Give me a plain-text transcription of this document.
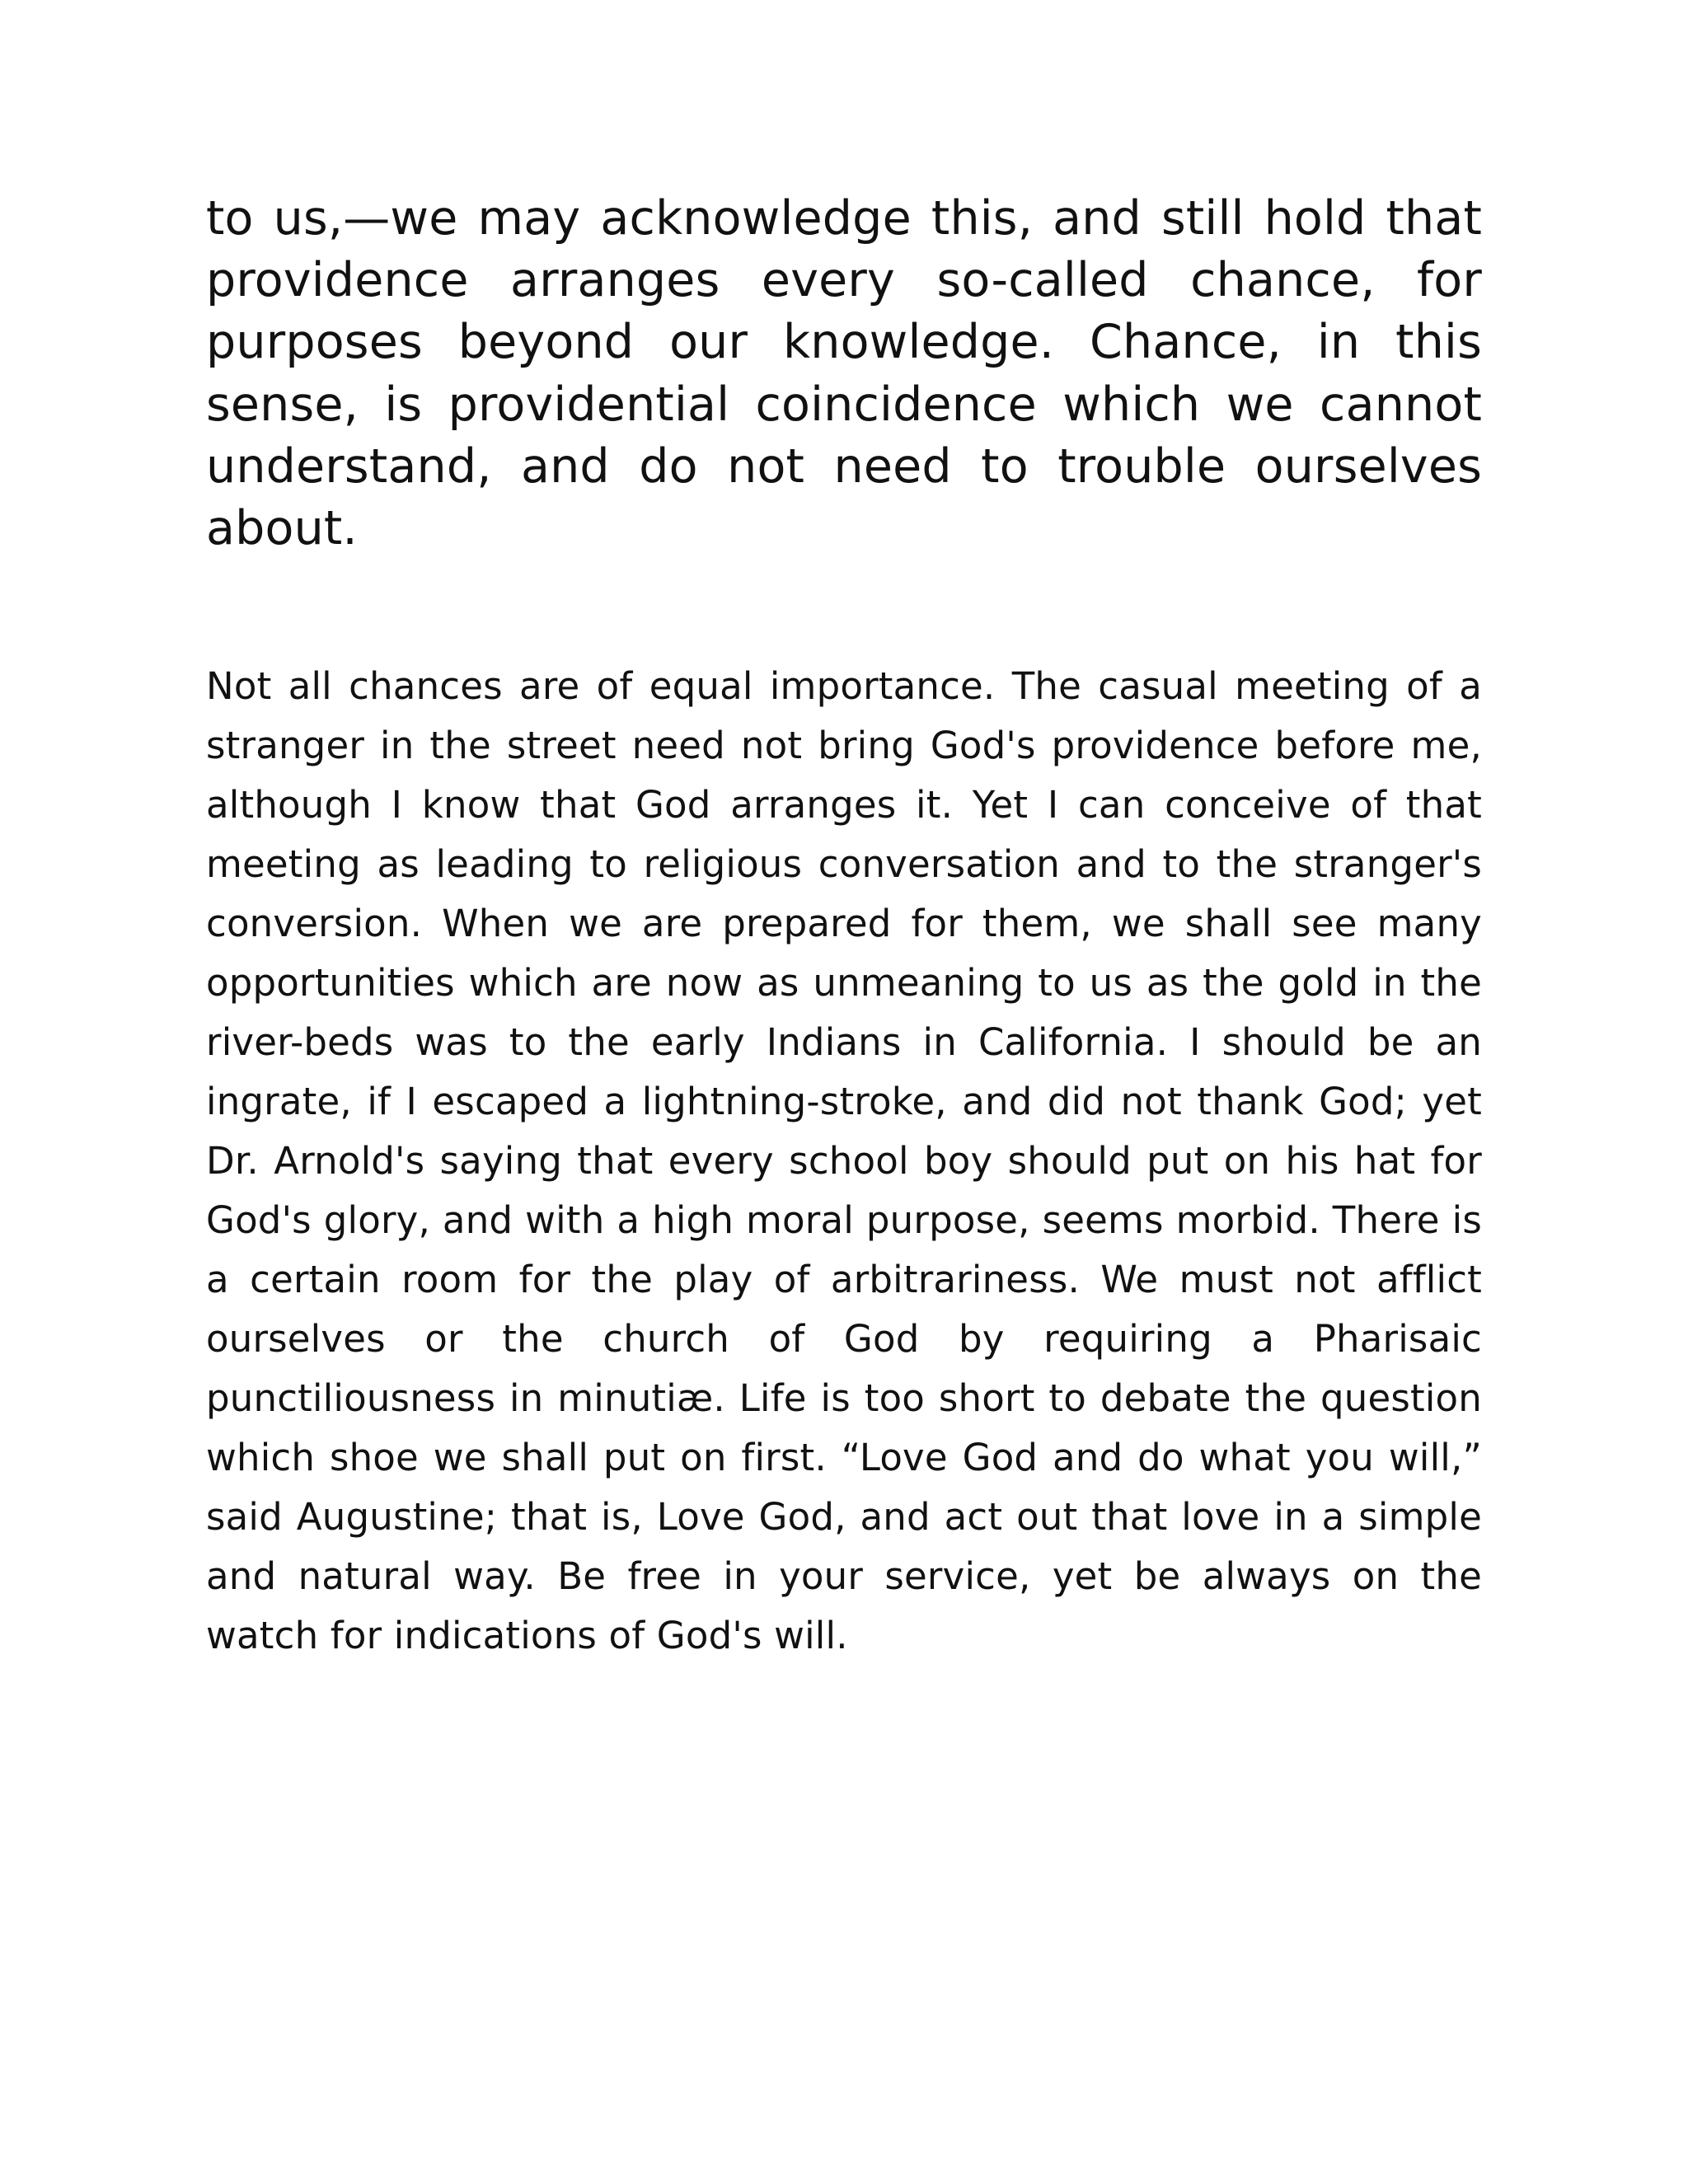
to us,—we may acknowledge this, and still hold that providence arranges every so-called chance, for purposes beyond our knowledge. Chance, in this sense, is providential coincidence which we cannot understand, and do not need to trouble ourselves about.

Not all chances are of equal importance. The casual meeting of a stranger in the street need not bring God's providence before me, although I know that God arranges it. Yet I can conceive of that meeting as leading to religious conversation and to the stranger's conversion. When we are prepared for them, we shall see many opportunities which are now as unmeaning to us as the gold in the river-beds was to the early Indians in California. I should be an ingrate, if I escaped a lightning-stroke, and did not thank God; yet Dr. Arnold's saying that every school boy should put on his hat for God's glory, and with a high moral purpose, seems morbid. There is a certain room for the play of arbitrariness. We must not afflict ourselves or the church of God by requiring a Pharisaic punctiliousness in minutiæ. Life is too short to debate the question which shoe we shall put on first. “Love God and do what you will,” said Augustine; that is, Love God, and act out that love in a simple and natural way. Be free in your service, yet be always on the watch for indications of God's will.
